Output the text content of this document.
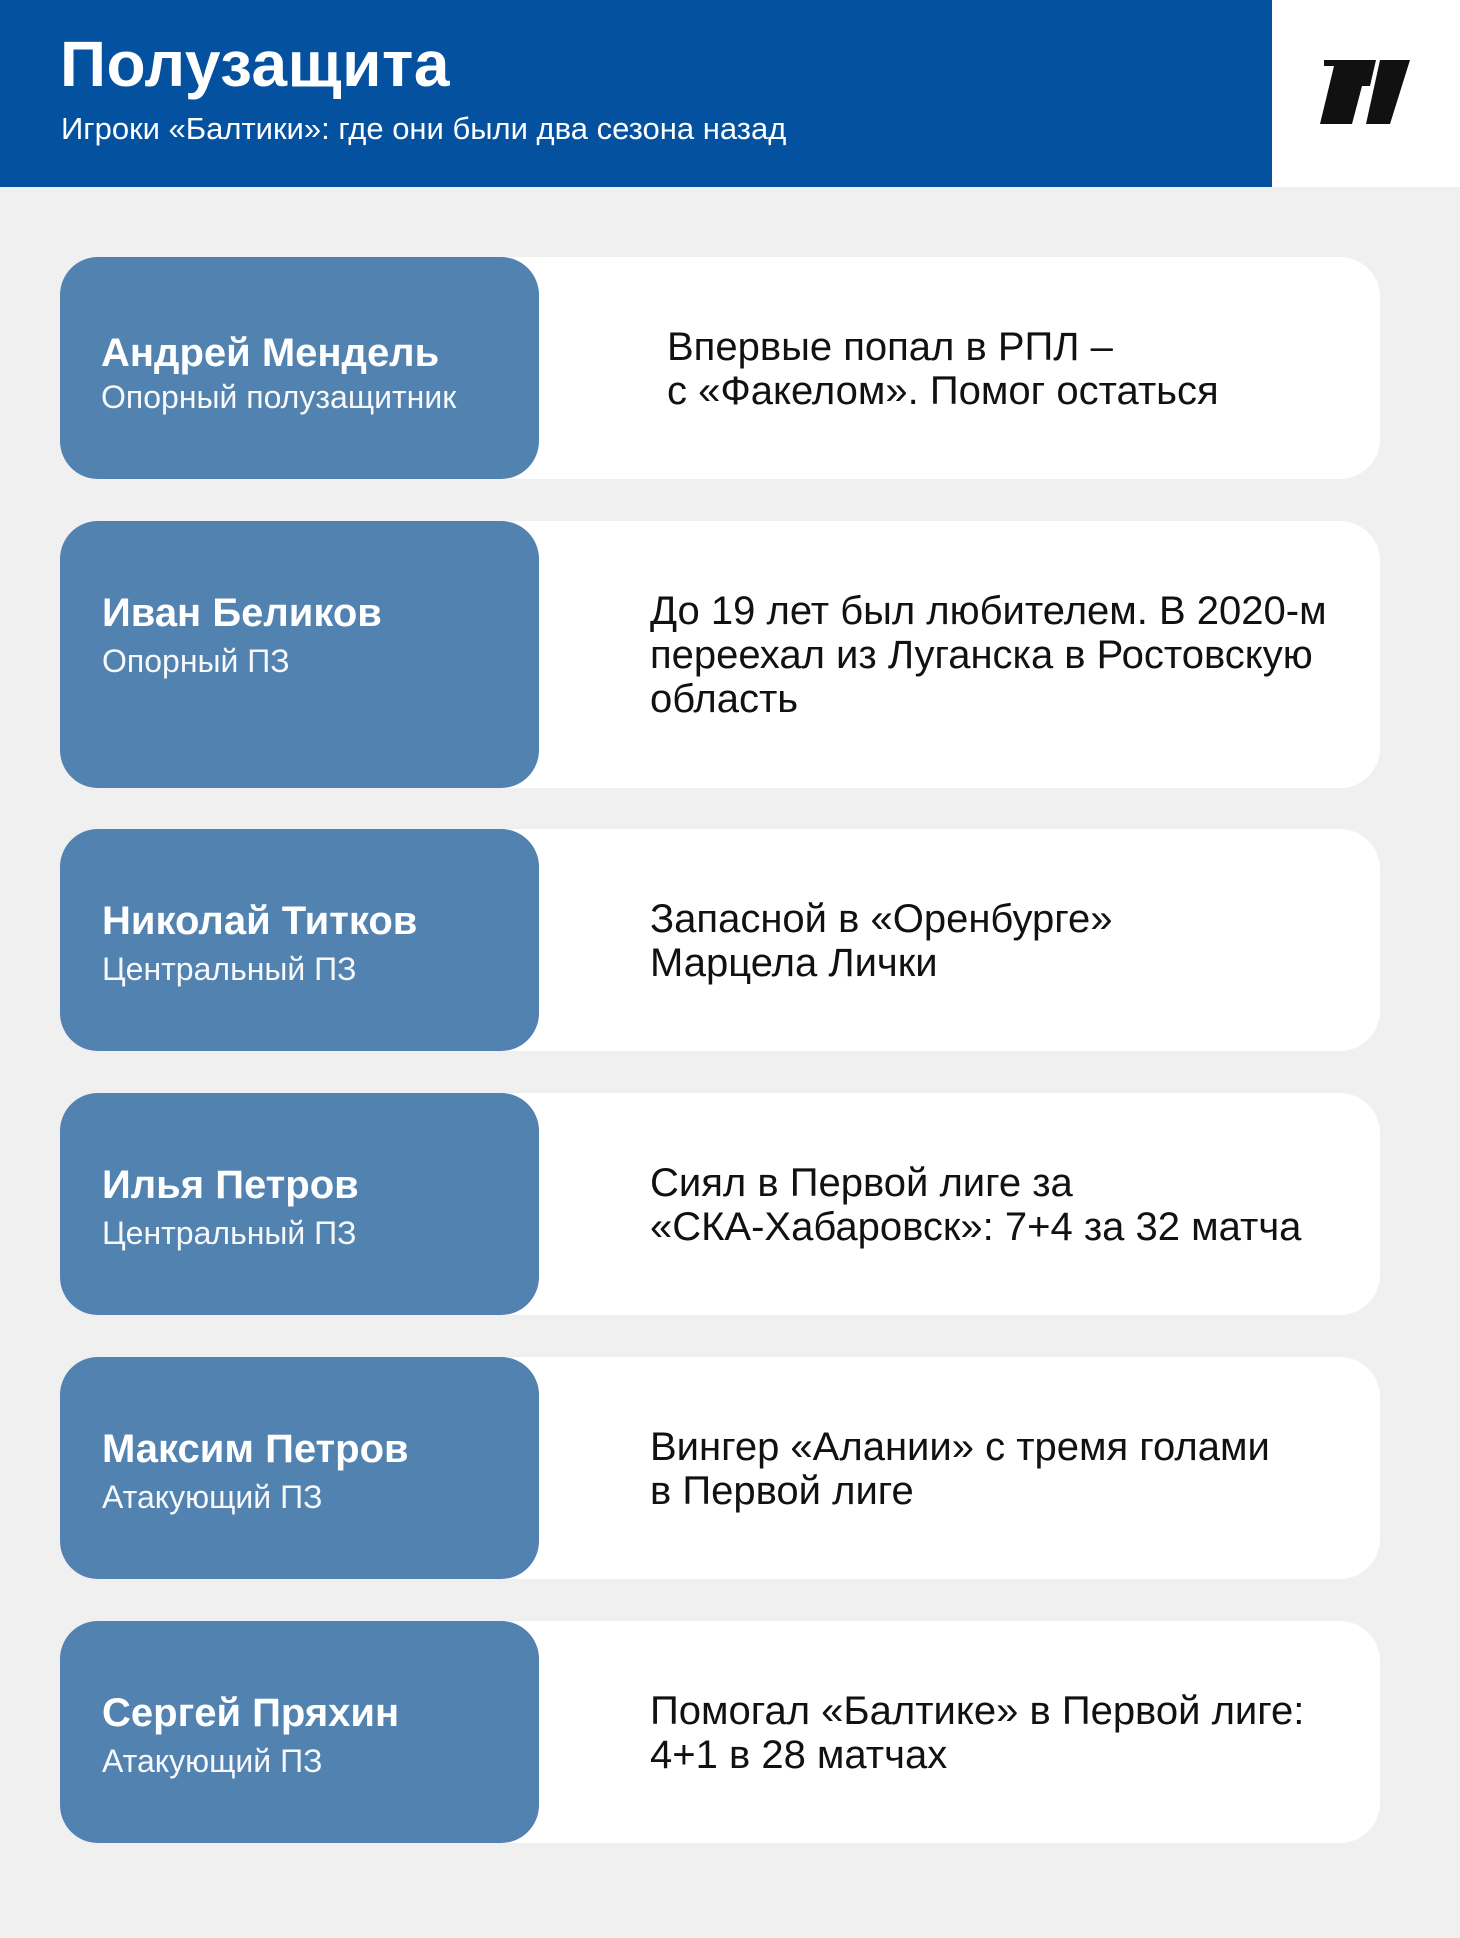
Полузащита

Игроки «Балтики»: где они были два сезона назад

Андрей Мендель
Опорный полузащитник
Впервые попал в РПЛ –
с «Факелом». Помог остаться
Иван Беликов
Опорный ПЗ
До 19 лет был любителем. В 2020-м
переехал из Луганска в Ростовскую
область
Николай Титков
Центральный ПЗ
Запасной в «Оренбурге»
Марцела Лички
Илья Петров
Центральный ПЗ
Сиял в Первой лиге за
«СКА-Хабаровск»: 7+4 за 32 матча
Максим Петров
Атакующий ПЗ
Вингер «Алании» с тремя голами
в Первой лиге
Сергей Пряхин
Атакующий ПЗ
Помогал «Балтике» в Первой лиге:
4+1 в 28 матчах
